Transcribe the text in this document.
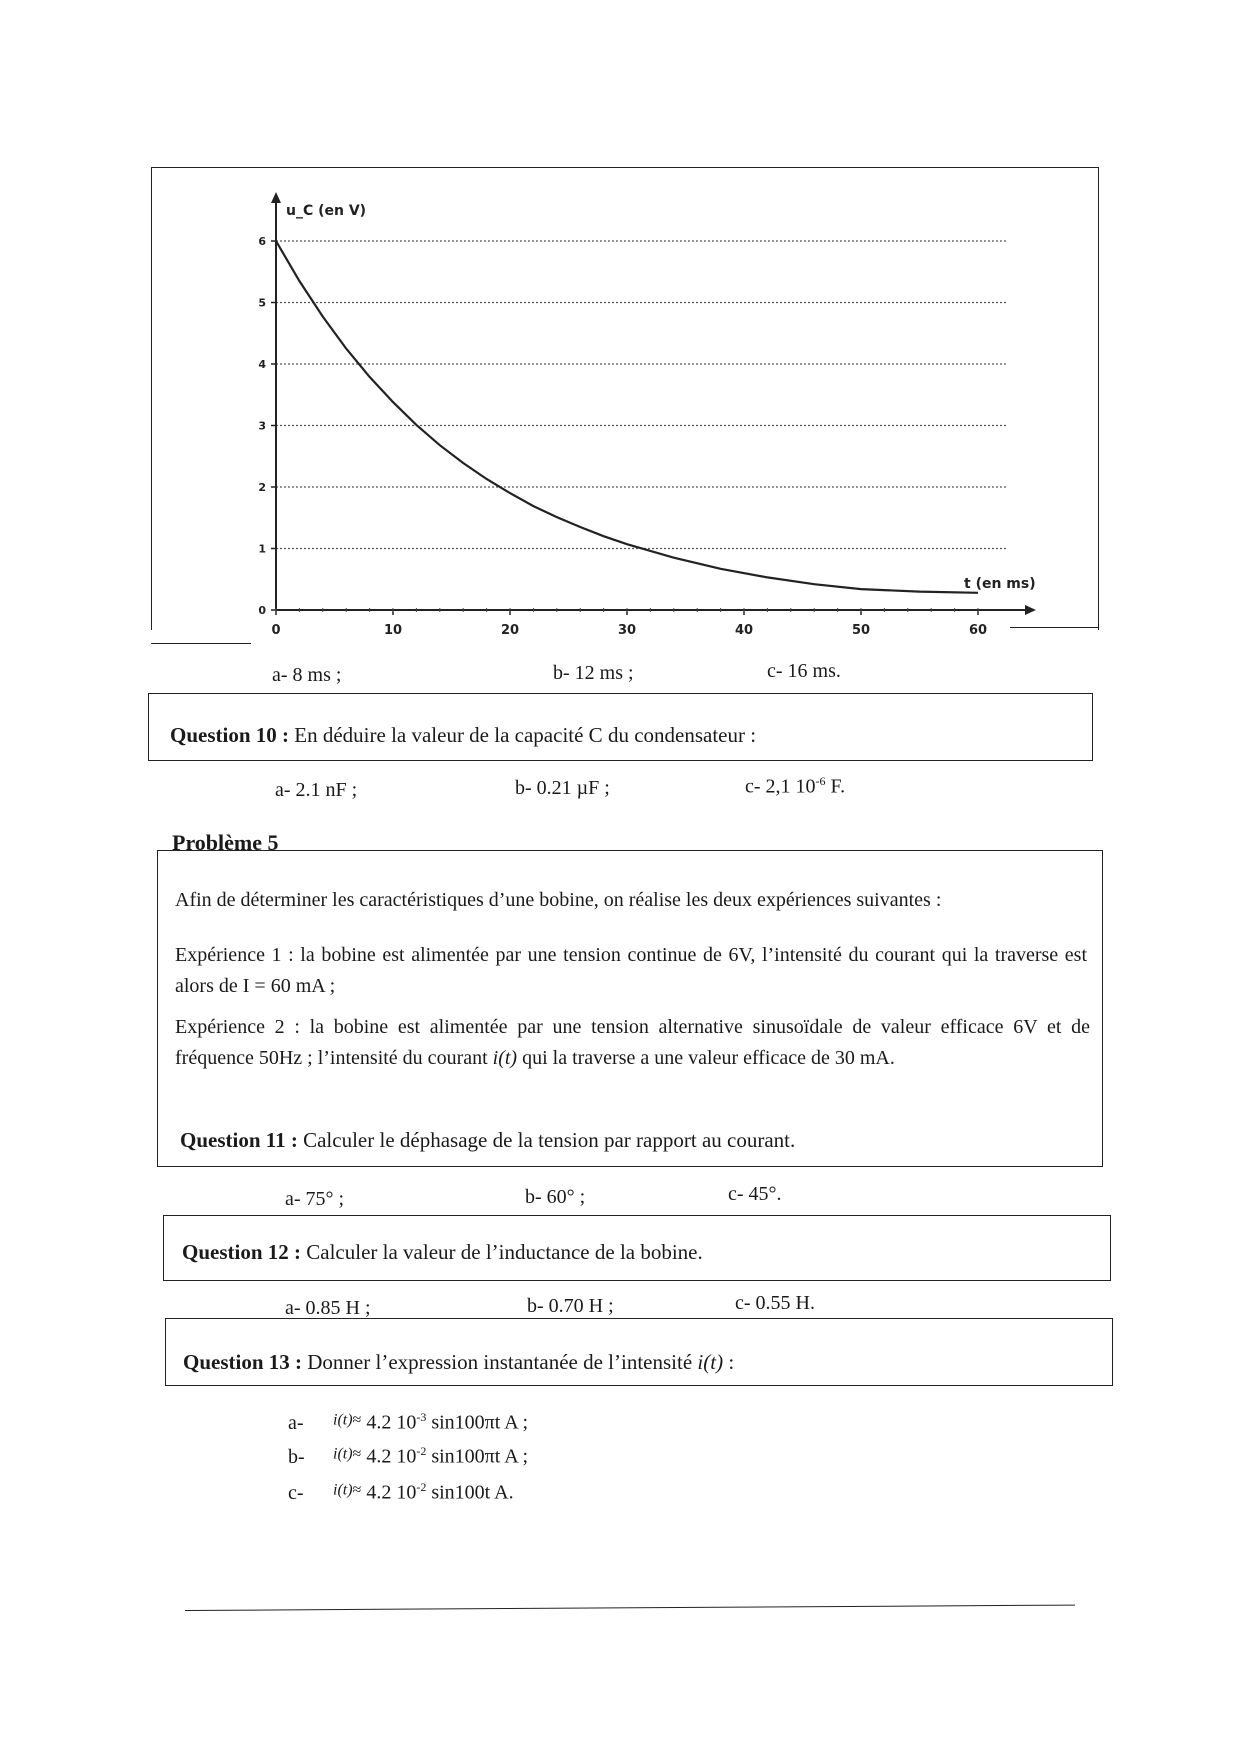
0
1
2
3
4
5
6
0	10	20	30	40	50	60
u_C (en V)
t (en ms)
a- 8 ms ;	b- 12 ms ;	c- 16 ms.
Question 10 : En déduire la valeur de la capacité C du condensateur :
a- 2.1 nF ;	b- 0.21 µF ;	c- 2,1 $10^{-6}$ F.
Problème 5
Afin de déterminer les caractéristiques d’une bobine, on réalise les deux expériences suivantes :
Expérience 1 : la bobine est alimentée par une tension continue de 6V, l’intensité du courant qui la traverse est alors de I = 60 mA ;
Expérience 2 : la bobine est alimentée par une tension alternative sinusoïdale de valeur efficace 6V et de fréquence 50Hz ; l’intensité du courant i(t) qui la traverse a une valeur efficace de 30 mA.
Question 11 : Calculer le déphasage de la tension par rapport au courant.
a- 75° ;	b- 60° ;	c- 45°.
Question 12 : Calculer la valeur de l’inductance de la bobine.
a- 0.85 H ;	b- 0.70 H ;	c- 0.55 H.
Question 13 : Donner l’expression instantanée de l’intensité i(t) :
a- $^{i(t)\approx}$ 4.2 $10^{-3}$ sin100πt A ;
b- $^{i(t)\approx}$ 4.2 $10^{-2}$ sin100πt A ;
c- $^{i(t)\approx}$ 4.2 $10^{-2}$ sin100t A.
